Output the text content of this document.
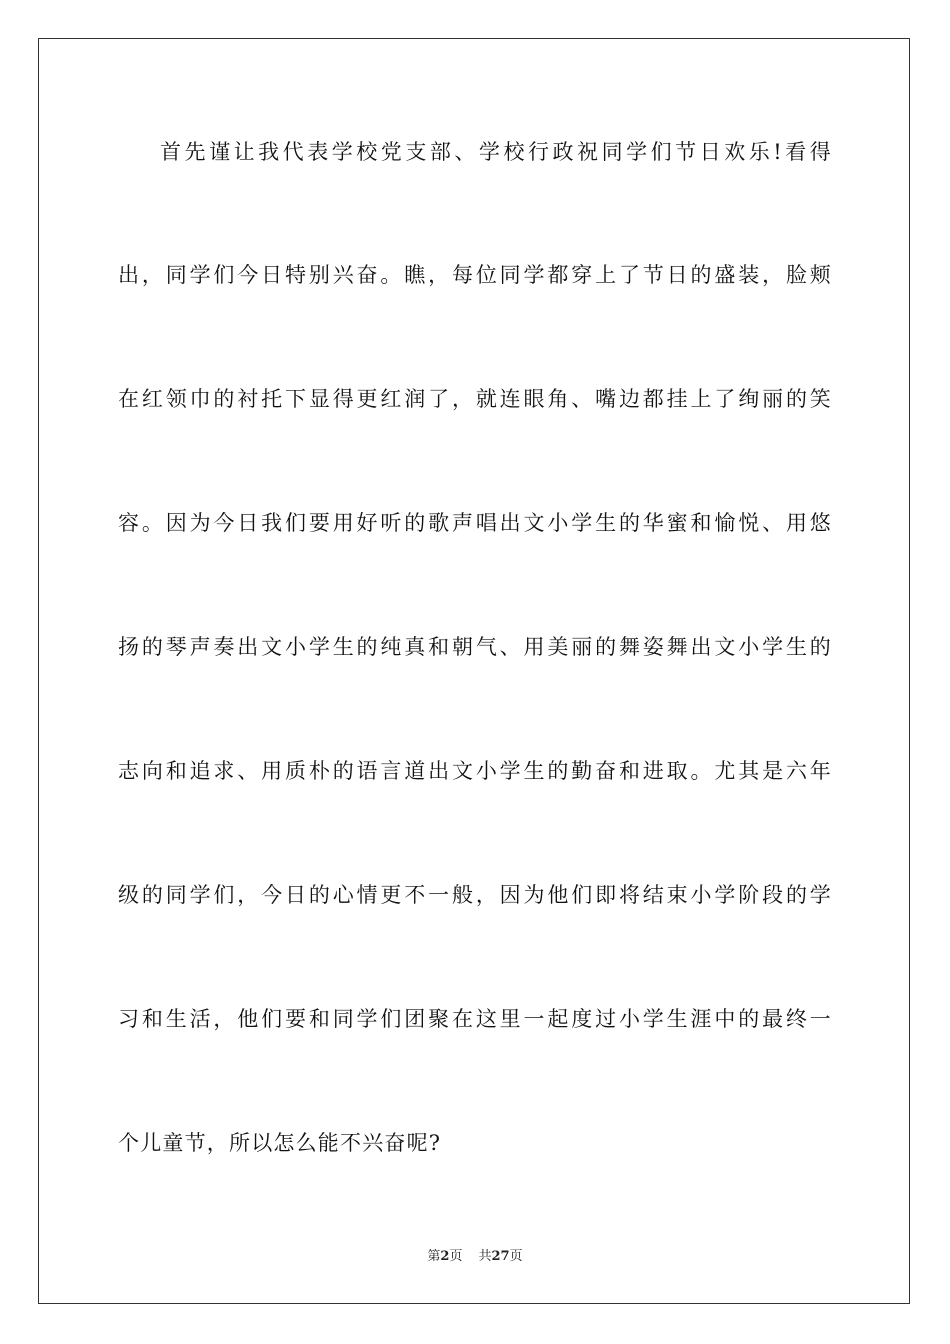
首先谨让我代表学校党支部、学校行政祝同学们节日欢乐!看得
出，同学们今日特别兴奋。瞧，每位同学都穿上了节日的盛装，脸颊
在红领巾的衬托下显得更红润了，就连眼角、嘴边都挂上了绚丽的笑
容。因为今日我们要用好听的歌声唱出文小学生的华蜜和愉悦、用悠
扬的琴声奏出文小学生的纯真和朝气、用美丽的舞姿舞出文小学生的
志向和追求、用质朴的语言道出文小学生的勤奋和进取。尤其是六年
级的同学们，今日的心情更不一般，因为他们即将结束小学阶段的学
习和生活，他们要和同学们团聚在这里一起度过小学生涯中的最终一
个儿童节，所以怎么能不兴奋呢?
第2页 共27页
